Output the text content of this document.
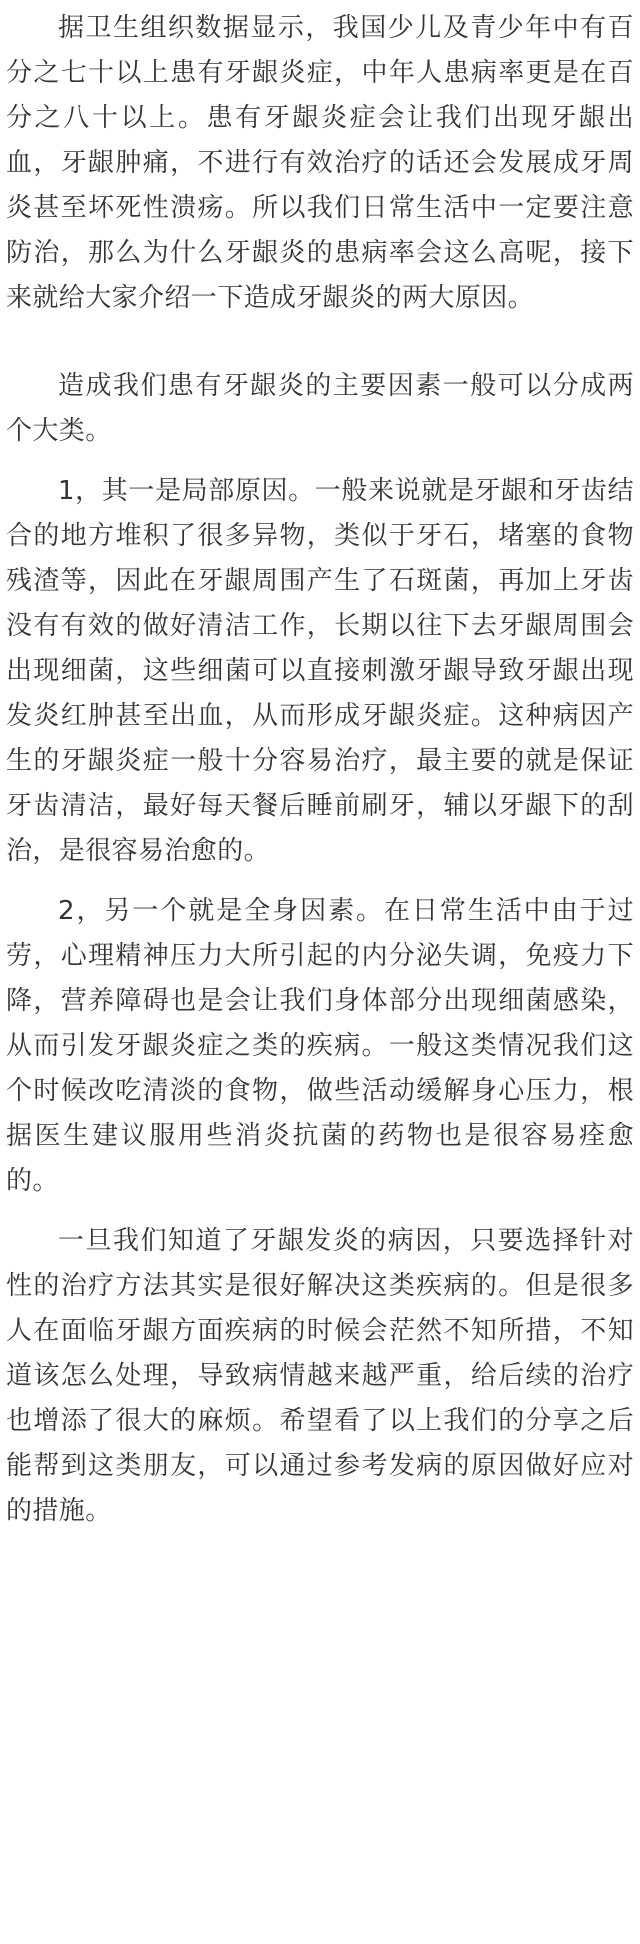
据卫生组织数据显示，我国少儿及青少年中有百分之七十以上患有牙龈炎症，中年人患病率更是在百分之八十以上。患有牙龈炎症会让我们出现牙龈出血，牙龈肿痛，不进行有效治疗的话还会发展成牙周炎甚至坏死性溃疡。所以我们日常生活中一定要注意防治，那么为什么牙龈炎的患病率会这么高呢，接下来就给大家介绍一下造成牙龈炎的两大原因。

造成我们患有牙龈炎的主要因素一般可以分成两个大类。

1，其一是局部原因。一般来说就是牙龈和牙齿结合的地方堆积了很多异物，类似于牙石，堵塞的食物残渣等，因此在牙龈周围产生了石斑菌，再加上牙齿没有有效的做好清洁工作，长期以往下去牙龈周围会出现细菌，这些细菌可以直接刺激牙龈导致牙龈出现发炎红肿甚至出血，从而形成牙龈炎症。这种病因产生的牙龈炎症一般十分容易治疗，最主要的就是保证牙齿清洁，最好每天餐后睡前刷牙，辅以牙龈下的刮治，是很容易治愈的。

2，另一个就是全身因素。在日常生活中由于过劳，心理精神压力大所引起的内分泌失调，免疫力下降，营养障碍也是会让我们身体部分出现细菌感染，从而引发牙龈炎症之类的疾病。一般这类情况我们这个时候改吃清淡的食物，做些活动缓解身心压力，根据医生建议服用些消炎抗菌的药物也是很容易痊愈的。

一旦我们知道了牙龈发炎的病因，只要选择针对性的治疗方法其实是很好解决这类疾病的。但是很多人在面临牙龈方面疾病的时候会茫然不知所措，不知道该怎么处理，导致病情越来越严重，给后续的治疗也增添了很大的麻烦。希望看了以上我们的分享之后能帮到这类朋友，可以通过参考发病的原因做好应对的措施。
